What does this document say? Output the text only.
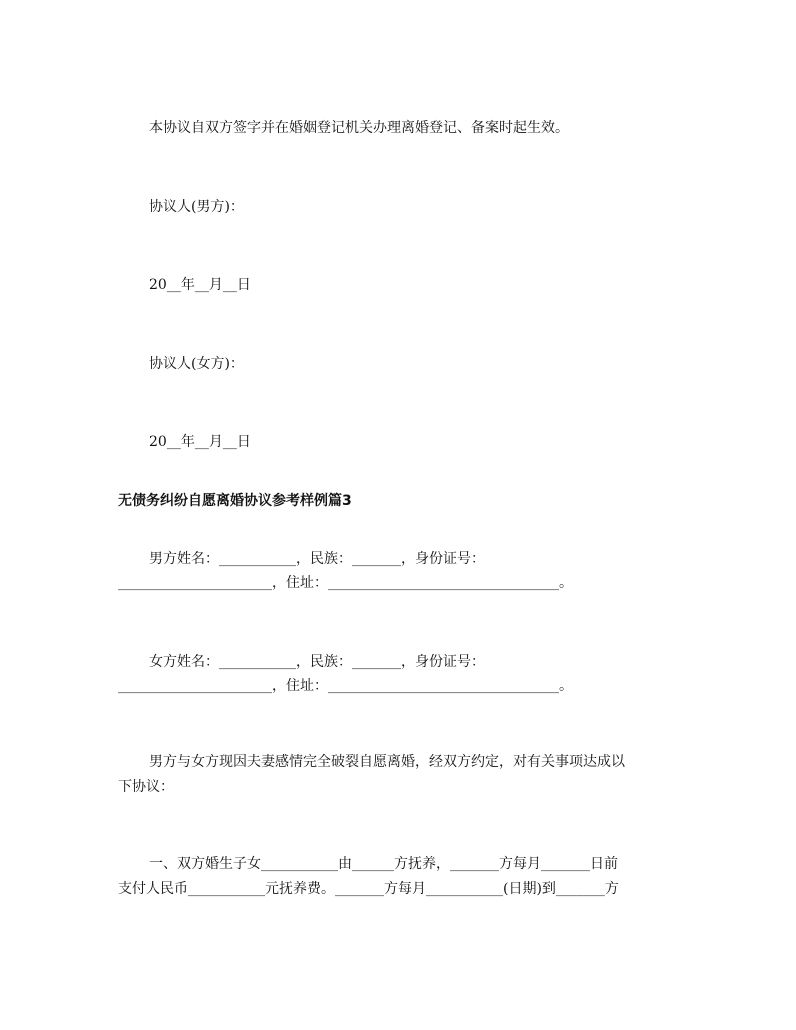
本协议自双方签字并在婚姻登记机关办理离婚登记、备案时起生效。
协议人(男方)：
20__年__月__日
协议人(女方)：
20__年__月__日
无债务纠纷自愿离婚协议参考样例篇3
男方姓名：___________，民族：_______，身份证号：
______________________，住址：_________________________________。
女方姓名：___________，民族：_______，身份证号：
______________________，住址：_________________________________。
男方与女方现因夫妻感情完全破裂自愿离婚，经双方约定，对有关事项达成以
下协议：
一、双方婚生子女___________由______方抚养，_______方每月_______日前
支付人民币___________元抚养费。_______方每月___________(日期)到_______方
